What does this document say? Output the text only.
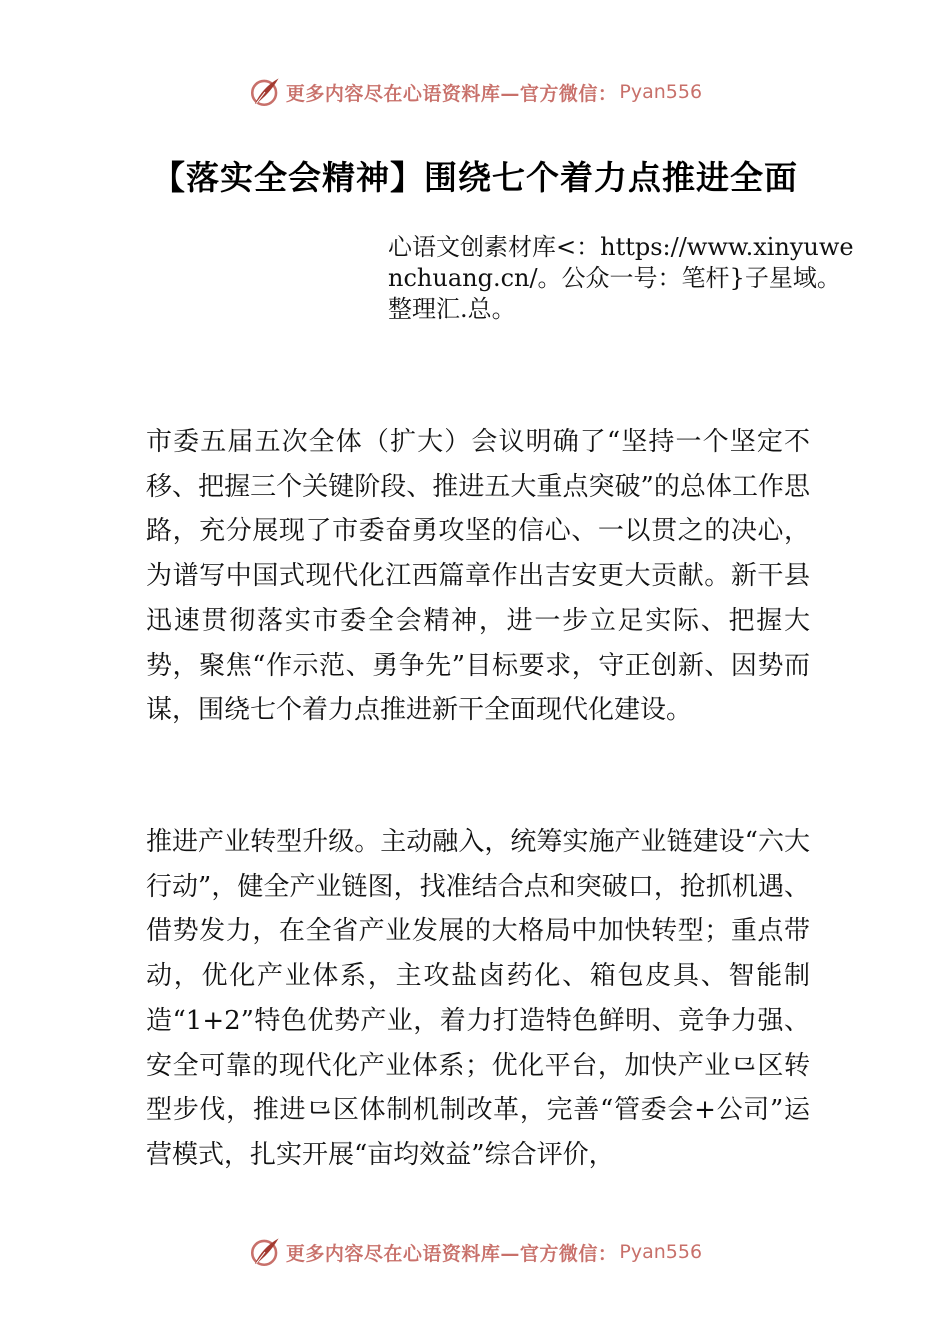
更多内容尽在心语资料库—官方微信： Pyan556
【落实全会精神】围绕七个着力点推进全面
心语文创素材库<：https://www.xinyuwenchuang.cn/。公众一号：笔杆}子星域。整理汇.总。
市委五届五次全体（扩大）会议明确了“坚持一个坚定不移、把握三个关键阶段、推进五大重点突破”的总体工作思路，充分展现了市委奋勇攻坚的信心、一以贯之的决心，为谱写中国式现代化江西篇章作出吉安更大贡献。新干县迅速贯彻落实市委全会精神，进一步立足实际、把握大势，聚焦“作示范、勇争先”目标要求，守正创新、因势而谋，围绕七个着力点推进新干全面现代化建设。
推进产业转型升级。主动融入，统筹实施产业链建设“六大行动”，健全产业链图，找准结合点和突破口，抢抓机遇、借势发力，在全省产业发展的大格局中加快转型；重点带动，优化产业体系，主攻盐卤药化、箱包皮具、智能制造“1+2”特色优势产业，着力打造特色鲜明、竞争力强、安全可靠的现代化产业体系；优化平台，加快产业⺋区转型步伐，推进⺋区体制机制改革，完善“管委会+公司”运营模式，扎实开展“亩均效益”综合评价，
更多内容尽在心语资料库—官方微信： Pyan556
